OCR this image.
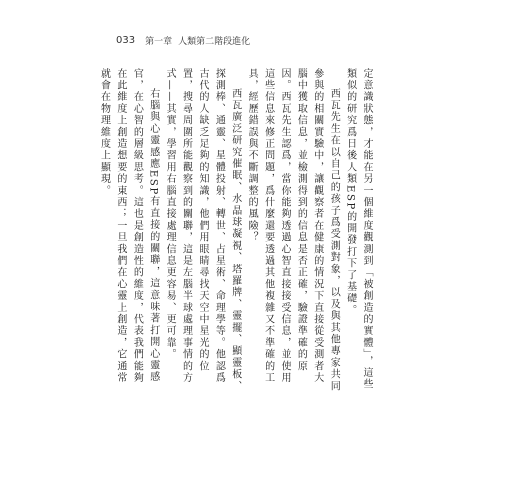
033 第一章 人類第二階段進化

定意識狀態，才能在另一個維度觀測到「被創造的實體」，這些類似的研究爲日後人類ESP的開發打下了基礎。

西瓦先生在以自己的孩子爲受測對象，以及與其他專家共同參與的相關實驗中，讓觀察者在健康的情況下直接從受測者大腦中獲取信息，並檢測得到的信息是否正確，驗證準確的原因。西瓦先生認爲，當你能夠透過心智直接接受信息，並使用這些信息來修正問題，爲什麼還要透過其他複雜又不準確的工具，經歷錯誤與不斷調整的風險？

西瓦廣泛研究催眠、水晶球凝視、塔羅牌、靈擺、顯靈板、探測棒、通靈、星體投射、轉世、占星術、命理學等。他認爲古代的人缺乏足夠的知識，他們用眼睛尋找天空中星光的位置，搜尋周圍所能觀察到的關聯，這是左腦半球處理事情的方式——其實，學習用右腦直接處理信息更容易、更可靠。

右腦與心靈感應ESP有直接的關聯，這意味著打開心靈感官，在心智的層級思考。這也是創造性的維度，代表我們能夠在此維度上創造想要的東西；一旦我們在心靈上創造，它通常就會在物理維度上顯現。
